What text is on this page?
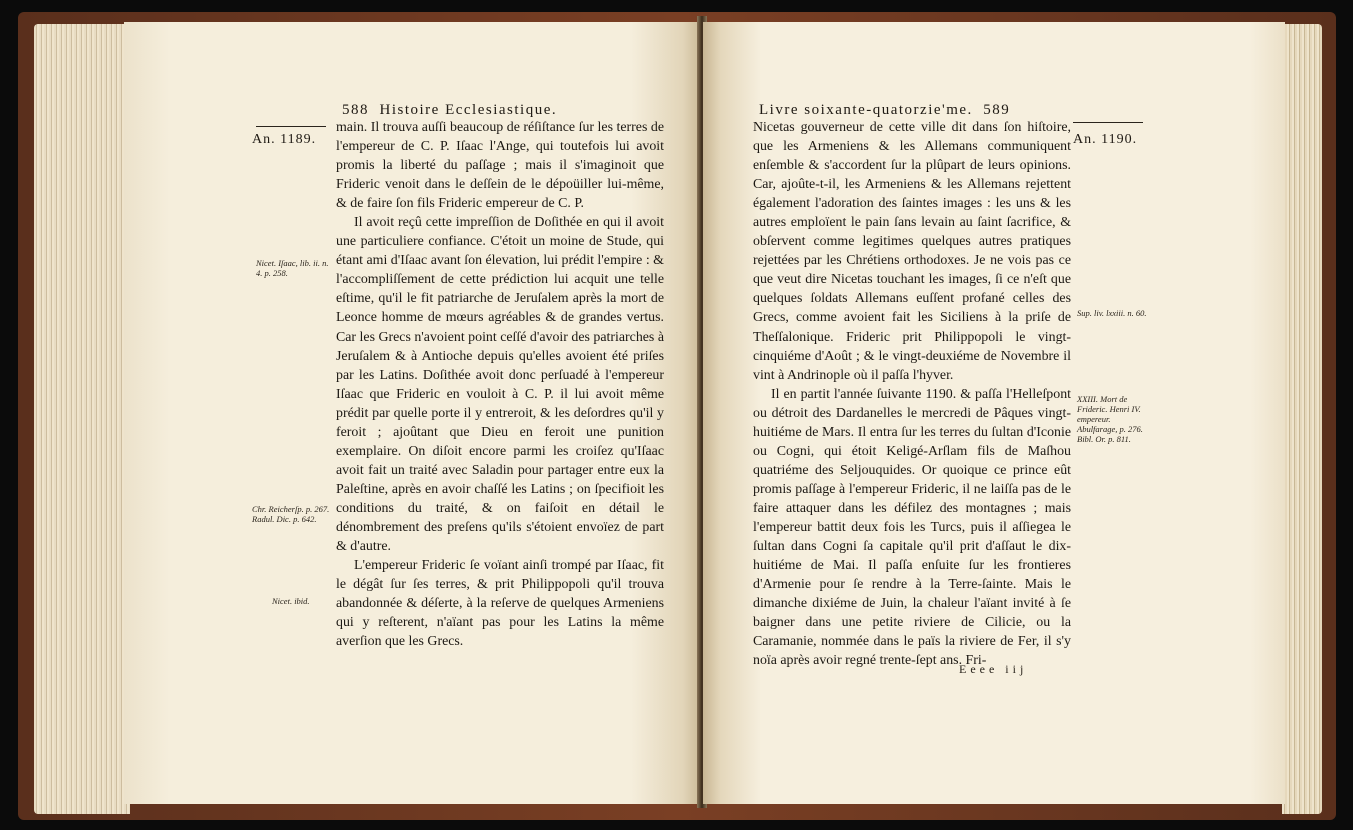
588 Histoire Ecclesiastique.
An. 1189.
Nicet. Iſaac, lib. ii. n. 4. p. 258.
Chr. Reicherſp. p. 267. Radul. Dic. p. 642.
Nicet. ibid.

main. Il trouva auſſi beaucoup de réſiſtance ſur les terres de l'empereur de C. P. Iſaac l'Ange, qui toutefois lui avoit promis la liberté du paſſage ; mais il s'imaginoit que Frideric venoit dans le deſſein de le dépoüiller lui-même, & de faire ſon fils Frideric empereur de C. P.

Il avoit reçû cette impreſſion de Doſithée en qui il avoit une particuliere confiance. C'étoit un moine de Stude, qui étant ami d'Iſaac avant ſon élevation, lui prédit l'empire : & l'accompliſſement de cette prédiction lui acquit une telle eſtime, qu'il le fit patriarche de Jeruſalem après la mort de Leonce homme de mœurs agréables & de grandes vertus. Car les Grecs n'avoient point ceſſé d'avoir des patriarches à Jeruſalem & à Antioche depuis qu'elles avoient été priſes par les Latins. Doſithée avoit donc perſuadé à l'empereur Iſaac que Frideric en vouloit à C. P. il lui avoit même prédit par quelle porte il y entreroit, & les deſordres qu'il y feroit ; ajoûtant que Dieu en feroit une punition exemplaire. On diſoit encore parmi les croiſez qu'Iſaac avoit fait un traité avec Saladin pour partager entre eux la Paleſtine, après en avoir chaſſé les Latins ; on ſpecifioit les conditions du traité, & on faiſoit en détail le dénombrement des preſens qu'ils s'étoient envoïez de part & d'autre.

L'empereur Frideric ſe voïant ainſi trompé par Iſaac, fit le dégât ſur ſes terres, & prit Philippopoli qu'il trouva abandonnée & déſerte, à la reſerve de quelques Armeniens qui y reſterent, n'aïant pas pour les Latins la même averſion que les Grecs.

Livre soixante-quatorzie'me. 589
An. 1190.
Sup. liv. lxxiii. n. 60.
XXIII. Mort de Frideric. Henri IV. empereur. Abulfarage, p. 276. Bibl. Or. p. 811.

Nicetas gouverneur de cette ville dit dans ſon hiſtoire, que les Armeniens & les Allemans communiquent enſemble & s'accordent ſur la plûpart de leurs opinions. Car, ajoûte-t-il, les Armeniens & les Allemans rejettent également l'adoration des ſaintes images : les uns & les autres emploïent le pain ſans levain au ſaint ſacrifice, & obſervent comme legitimes quelques autres pratiques rejettées par les Chrétiens orthodoxes. Je ne vois pas ce que veut dire Nicetas touchant les images, ſi ce n'eſt que quelques ſoldats Allemans euſſent profané celles des Grecs, comme avoient fait les Siciliens à la priſe de Theſſalonique. Frideric prit Philippopoli le vingt-cinquiéme d'Août ; & le vingt-deuxiéme de Novembre il vint à Andrinople où il paſſa l'hyver.

Il en partit l'année ſuivante 1190. & paſſa l'Helleſpont ou détroit des Dardanelles le mercredi de Pâques vingt-huitiéme de Mars. Il entra ſur les terres du ſultan d'Iconie ou Cogni, qui étoit Keligé-Arſlam fils de Maſhou quatriéme des Seljouquides. Or quoique ce prince eût promis paſſage à l'empereur Frideric, il ne laiſſa pas de le faire attaquer dans les défilez des montagnes ; mais l'empereur battit deux fois les Turcs, puis il aſſiegea le ſultan dans Cogni ſa capitale qu'il prit d'aſſaut le dix-huitiéme de Mai. Il paſſa enſuite ſur les frontieres d'Armenie pour ſe rendre à la Terre-ſainte. Mais le dimanche dixiéme de Juin, la chaleur l'aïant invité à ſe baigner dans une petite riviere de Cilicie, ou la Caramanie, nommée dans le païs la riviere de Fer, il s'y noïa après avoir regné trente-ſept ans. Fri-

Eeee iij
